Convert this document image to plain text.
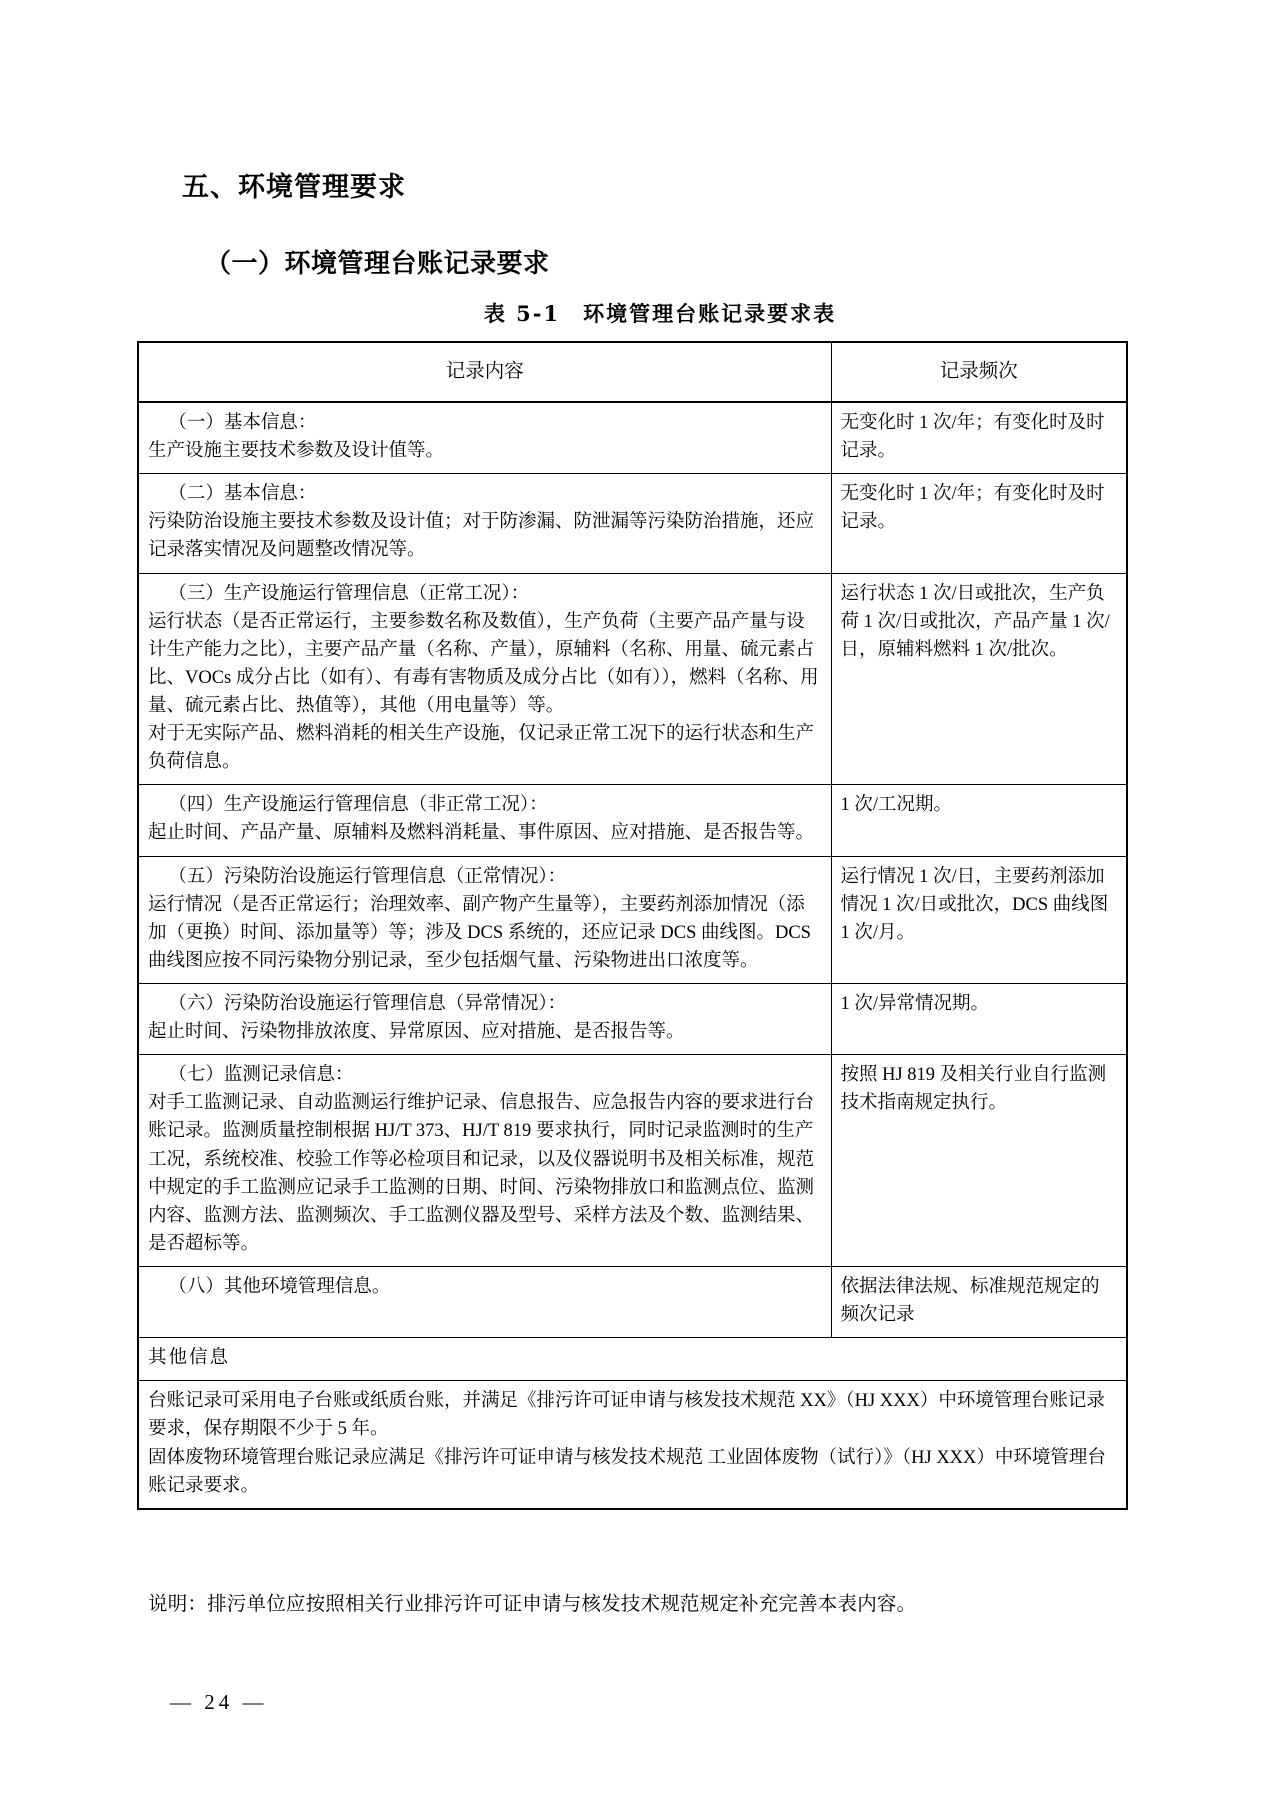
五、环境管理要求
（一）环境管理台账记录要求
表 5-1　环境管理台账记录要求表
记录内容	记录频次

（一）基本信息：

生产设施主要技术参数及设计值等。	无变化时 1 次/年；有变化时及时记录。

（二）基本信息：

污染防治设施主要技术参数及设计值；对于防渗漏、防泄漏等污染防治措施，还应记录落实情况及问题整改情况等。	无变化时 1 次/年；有变化时及时记录。

（三）生产设施运行管理信息（正常工况）：

运行状态（是否正常运行，主要参数名称及数值），生产负荷（主要产品产量与设计生产能力之比），主要产品产量（名称、产量），原辅料（名称、用量、硫元素占比、VOCs 成分占比（如有）、有毒有害物质及成分占比（如有）），燃料（名称、用量、硫元素占比、热值等），其他（用电量等）等。

对于无实际产品、燃料消耗的相关生产设施，仅记录正常工况下的运行状态和生产负荷信息。	运行状态 1 次/日或批次，生产负荷 1 次/日或批次，产品产量 1 次/日，原辅料燃料 1 次/批次。

（四）生产设施运行管理信息（非正常工况）：

起止时间、产品产量、原辅料及燃料消耗量、事件原因、应对措施、是否报告等。	1 次/工况期。

（五）污染防治设施运行管理信息（正常情况）：

运行情况（是否正常运行；治理效率、副产物产生量等），主要药剂添加情况（添加（更换）时间、添加量等）等；涉及 DCS 系统的，还应记录 DCS 曲线图。DCS 曲线图应按不同污染物分别记录，至少包括烟气量、污染物进出口浓度等。	运行情况 1 次/日，主要药剂添加情况 1 次/日或批次，DCS 曲线图 1 次/月。

（六）污染防治设施运行管理信息（异常情况）：

起止时间、污染物排放浓度、异常原因、应对措施、是否报告等。	1 次/异常情况期。

（七）监测记录信息：

对手工监测记录、自动监测运行维护记录、信息报告、应急报告内容的要求进行台账记录。监测质量控制根据 HJ/T 373、HJ/T 819 要求执行，同时记录监测时的生产工况，系统校准、校验工作等必检项目和记录，以及仪器说明书及相关标准，规范中规定的手工监测应记录手工监测的日期、时间、污染物排放口和监测点位、监测内容、监测方法、监测频次、手工监测仪器及型号、采样方法及个数、监测结果、是否超标等。	按照 HJ 819 及相关行业自行监测技术指南规定执行。

（八）其他环境管理信息。	依据法律法规、标准规范规定的频次记录
其他信息	

台账记录可采用电子台账或纸质台账，并满足《排污许可证申请与核发技术规范 XX》（HJ XXX）中环境管理台账记录要求，保存期限不少于 5 年。

固体废物环境管理台账记录应满足《排污许可证申请与核发技术规范 工业固体废物（试行）》（HJ XXX）中环境管理台账记录要求。	

说明：排污单位应按照相关行业排污许可证申请与核发技术规范规定补充完善本表内容。
— 24 —
